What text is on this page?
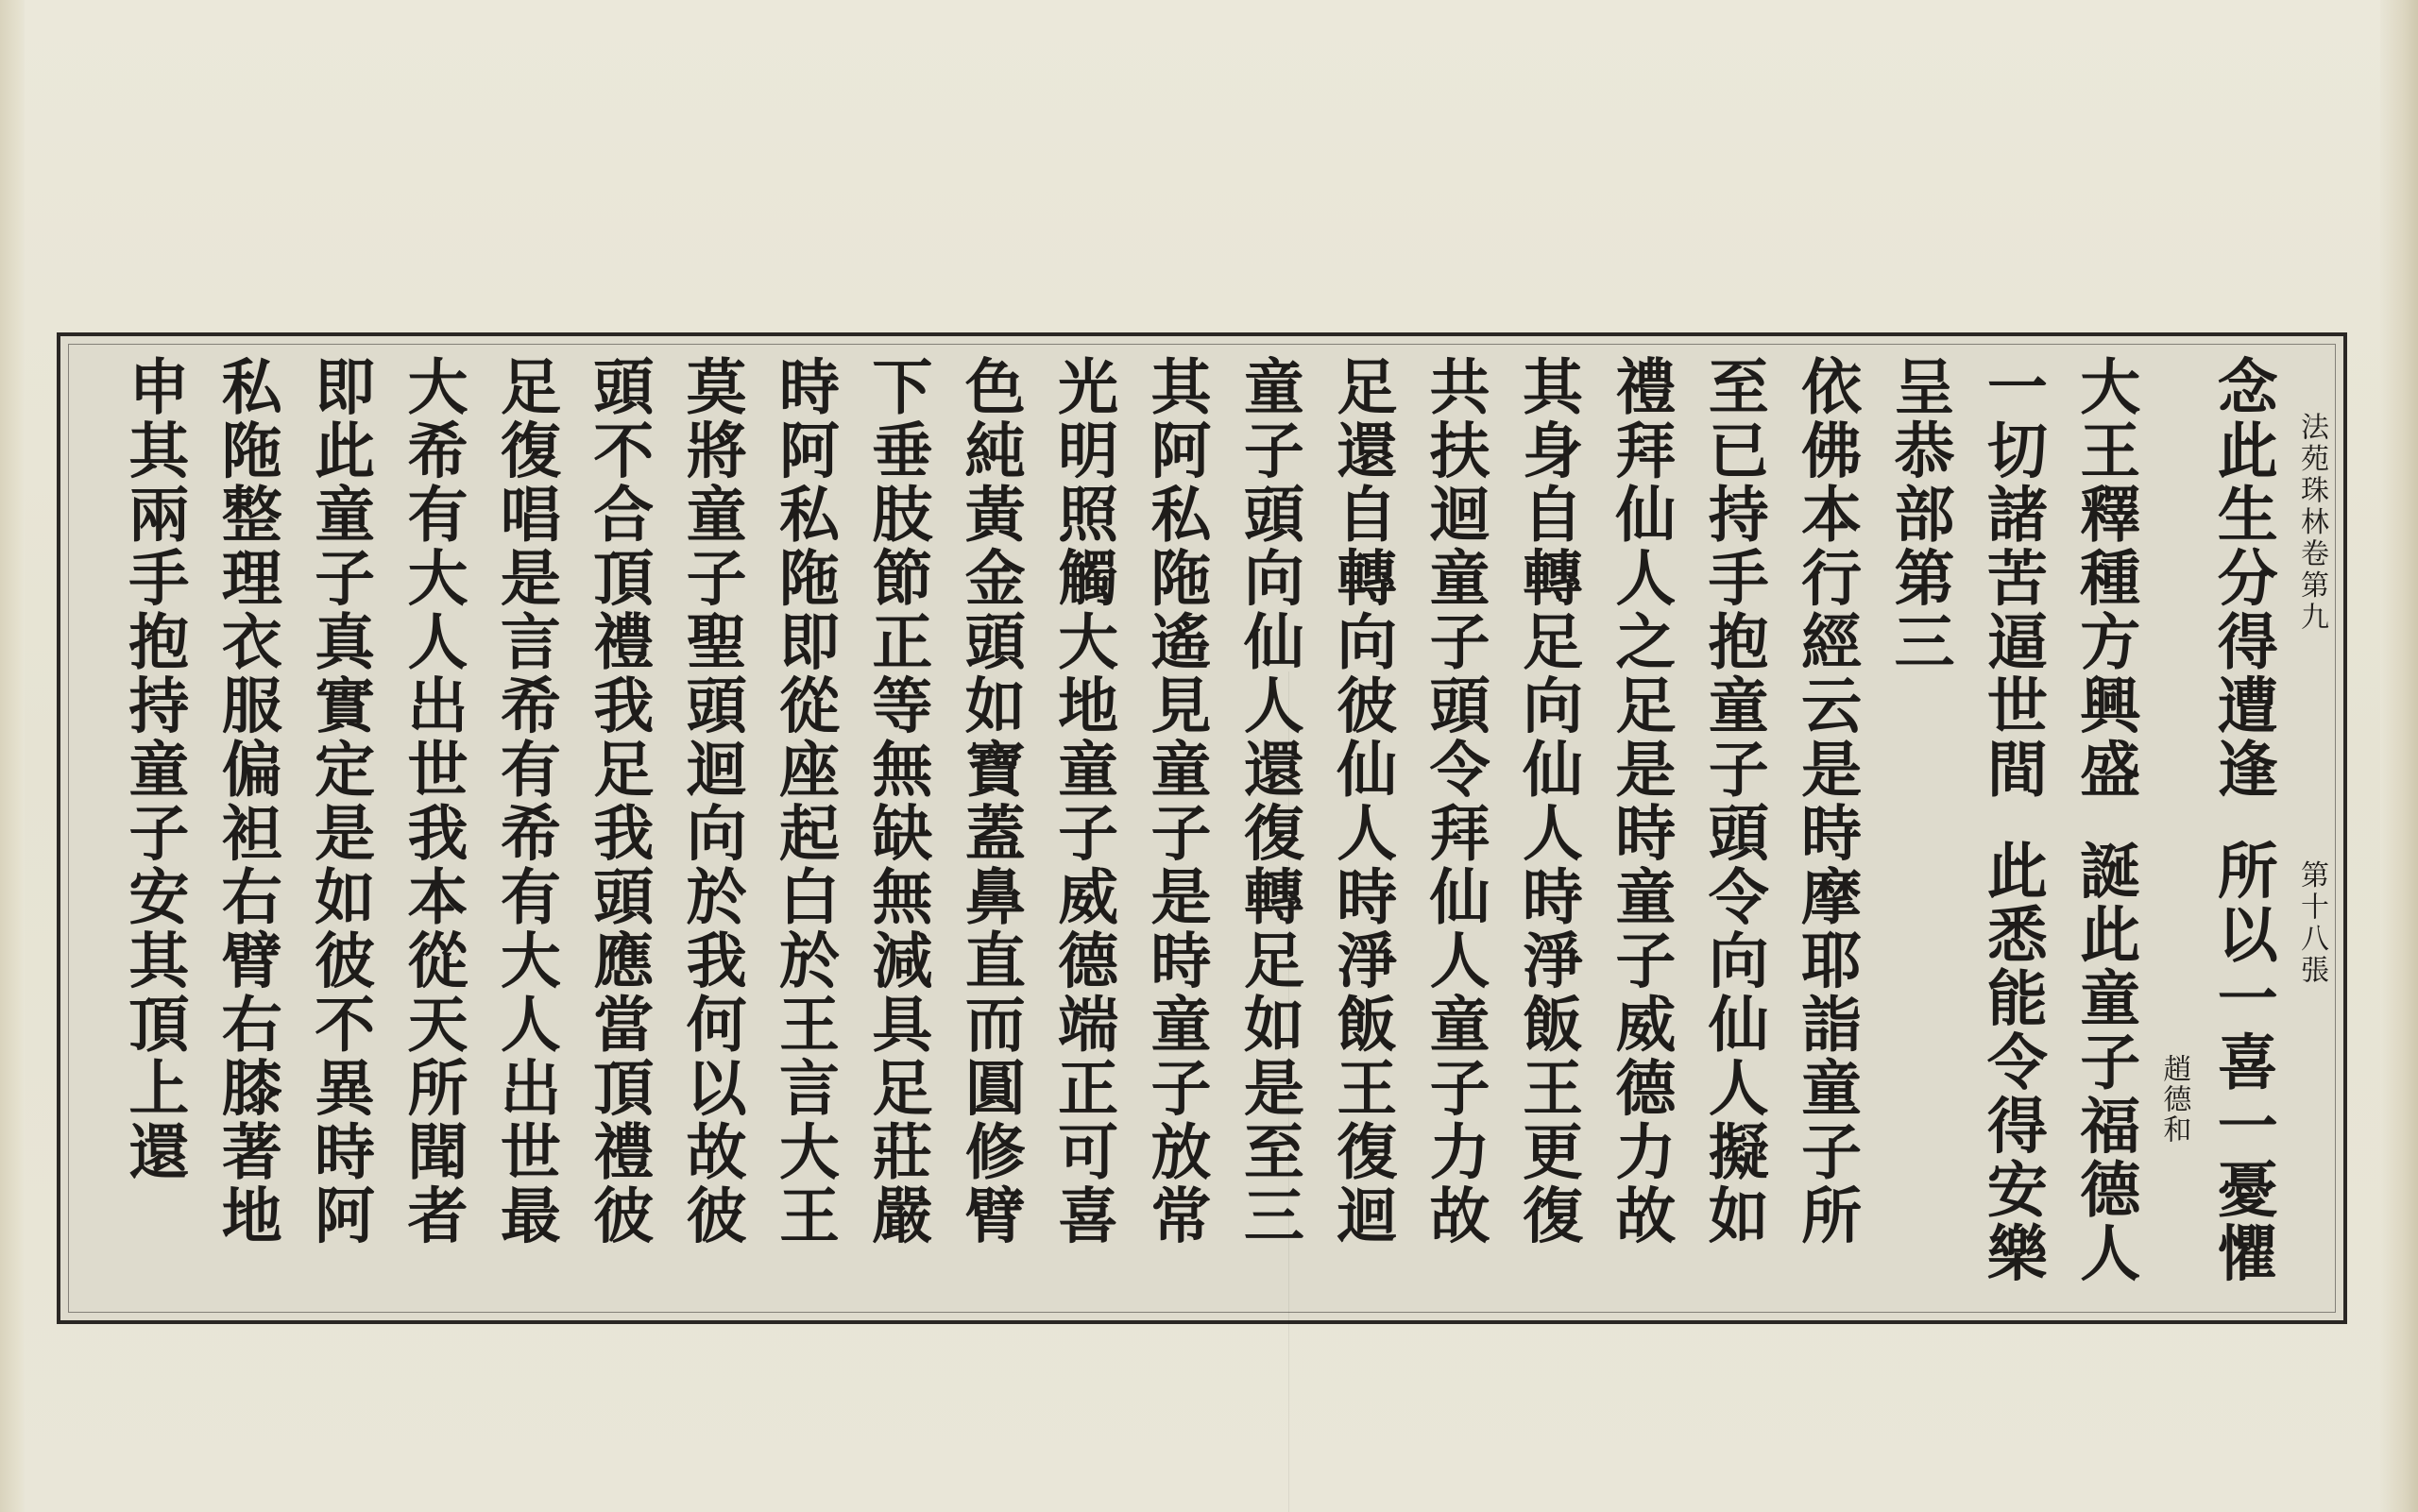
法苑珠林卷第九第十八張
念此生分得遭逢所以一喜一憂懼
趙德和
大王釋種方興盛誕此童子福德人
一切諸苦逼世間此悉能令得安樂
呈恭部第三
依佛本行經云是時摩耶詣童子所
至已持手抱童子頭令向仙人擬如
禮拜仙人之足是時童子威德力故
其身自轉足向仙人時淨飯王更復
共扶迴童子頭令拜仙人童子力故
足還自轉向彼仙人時淨飯王復迴
童子頭向仙人還復轉足如是至三
其阿私陁遙見童子是時童子放常
光明照觸大地童子威德端正可喜
色純黃金頭如寶蓋鼻直而圓修臂
下垂肢節正等無缺無減具足莊嚴
時阿私陁即從座起白於王言大王
莫將童子聖頭迴向於我何以故彼
頭不合頂禮我足我頭應當頂禮彼
足復唱是言希有希有大人出世最
大希有大人出世我本從天所聞者
即此童子真實定是如彼不異時阿
私陁整理衣服偏袒右臂右膝著地
申其兩手抱持童子安其頂上還
